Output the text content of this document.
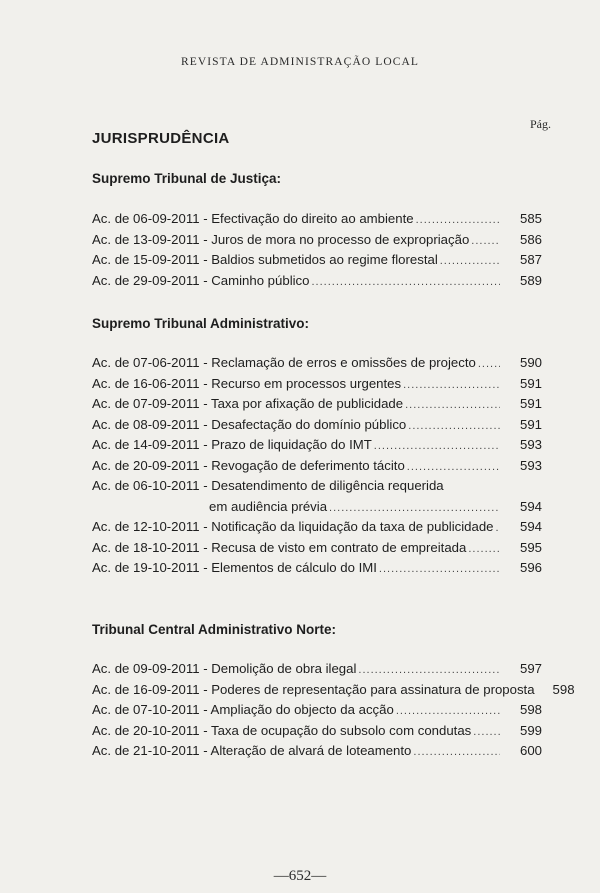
REVISTA DE ADMINISTRAÇÃO LOCAL
Pág.
JURISPRUDÊNCIA
Supremo Tribunal de Justiça:
Ac. de 06-09-2011 - Efectivação do direito ao ambiente .....	585
Ac. de 13-09-2011 - Juros de mora no processo de expropriação .....	586
Ac. de 15-09-2011 - Baldios submetidos ao regime florestal .....	587
Ac. de 29-09-2011 - Caminho público .....	589
Supremo Tribunal Administrativo:
Ac. de 07-06-2011 - Reclamação de erros e omissões de projecto .....	590
Ac. de 16-06-2011 - Recurso em processos urgentes .....	591
Ac. de 07-09-2011 - Taxa por afixação de publicidade .....	591
Ac. de 08-09-2011 - Desafectação do domínio público .....	591
Ac. de 14-09-2011 - Prazo de liquidação do IMT .....	593
Ac. de 20-09-2011 - Revogação de deferimento tácito .....	593
Ac. de 06-10-2011 - Desatendimento de diligência requerida
em audiência prévia .....	594
Ac. de 12-10-2011 - Notificação da liquidação da taxa de publicidade .....	594
Ac. de 18-10-2011 - Recusa de visto em contrato de empreitada .....	595
Ac. de 19-10-2011 - Elementos de cálculo do IMI .....	596
Tribunal Central Administrativo Norte:
Ac. de 09-09-2011 - Demolição de obra ilegal .....	597
Ac. de 16-09-2011 - Poderes de representação para assinatura de proposta	598
Ac. de 07-10-2011 - Ampliação do objecto da acção .....	598
Ac. de 20-10-2011 - Taxa de ocupação do subsolo com condutas .....	599
Ac. de 21-10-2011 - Alteração de alvará de loteamento .....	600
—652—
